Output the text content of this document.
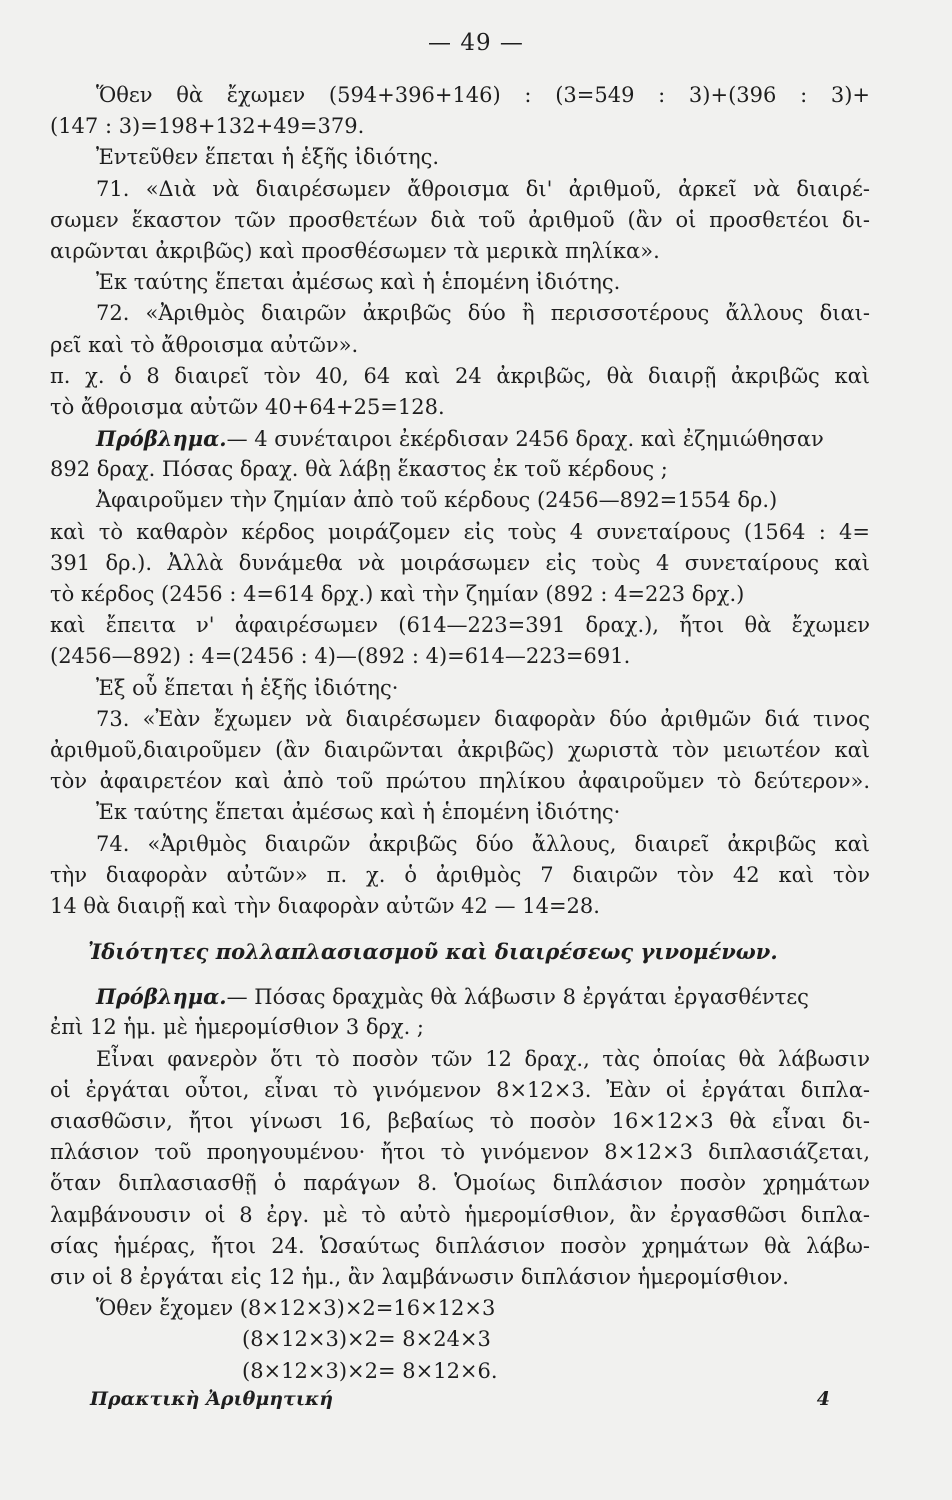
— 49 —
Ὅθεν θὰ ἔχωμεν (594+396+146) : (3=549 : 3)+(396 : 3)+
(147 : 3)=198+132+49=379.
Ἐντεῦθεν ἕπεται ἡ ἑξῆς ἰδιότης.
71. «Διὰ νὰ διαιρέσωμεν ἄθροισμα δι' ἀριθμοῦ, ἀρκεῖ νὰ διαιρέ-
σωμεν ἕκαστον τῶν προσθετέων διὰ τοῦ ἀριθμοῦ (ἂν οἱ προσθετέοι δι-
αιρῶνται ἀκριβῶς) καὶ προσθέσωμεν τὰ μερικὰ πηλίκα».
Ἐκ ταύτης ἕπεται ἀμέσως καὶ ἡ ἑπομένη ἰδιότης.
72. «Ἀριθμὸς διαιρῶν ἀκριβῶς δύο ἢ περισσοτέρους ἄλλους διαι-
ρεῖ καὶ τὸ ἄθροισμα αὐτῶν».
π. χ. ὁ 8 διαιρεῖ τὸν 40, 64 καὶ 24 ἀκριβῶς, θὰ διαιρῇ ἀκριβῶς καὶ
τὸ ἄθροισμα αὐτῶν 40+64+25=128.
Πρόβλημα.— 4 συνέταιροι ἐκέρδισαν 2456 δραχ. καὶ ἐζημιώθησαν
892 δραχ. Πόσας δραχ. θὰ λάβῃ ἕκαστος ἐκ τοῦ κέρδους ;
Ἀφαιροῦμεν τὴν ζημίαν ἀπὸ τοῦ κέρδους (2456—892=1554 δρ.)
καὶ τὸ καθαρὸν κέρδος μοιράζομεν εἰς τοὺς 4 συνεταίρους (1564 : 4=
391 δρ.). Ἀλλὰ δυνάμεθα νὰ μοιράσωμεν εἰς τοὺς 4 συνεταίρους καὶ
τὸ κέρδος (2456 : 4=614 δρχ.) καὶ τὴν ζημίαν (892 : 4=223 δρχ.)
καὶ ἔπειτα ν' ἀφαιρέσωμεν (614—223=391 δραχ.), ἤτοι θὰ ἔχωμεν
(2456—892) : 4=(2456 : 4)—(892 : 4)=614—223=691.
Ἐξ οὗ ἕπεται ἡ ἑξῆς ἰδιότης·
73. «Ἐὰν ἔχωμεν νὰ διαιρέσωμεν διαφορὰν δύο ἀριθμῶν διά τινος
ἀριθμοῦ,διαιροῦμεν (ἂν διαιρῶνται ἀκριβῶς) χωριστὰ τὸν μειωτέον καὶ
τὸν ἀφαιρετέον καὶ ἀπὸ τοῦ πρώτου πηλίκου ἀφαιροῦμεν τὸ δεύτερον».
Ἐκ ταύτης ἕπεται ἀμέσως καὶ ἡ ἑπομένη ἰδιότης·
74. «Ἀριθμὸς διαιρῶν ἀκριβῶς δύο ἄλλους, διαιρεῖ ἀκριβῶς καὶ
τὴν διαφορὰν αὐτῶν» π. χ. ὁ ἀριθμὸς 7 διαιρῶν τὸν 42 καὶ τὸν
14 θὰ διαιρῇ καὶ τὴν διαφορὰν αὐτῶν 42 — 14=28.
Ἰδιότητες πολλαπλασιασμοῦ καὶ διαιρέσεως γινομένων.
Πρόβλημα.— Πόσας δραχμὰς θὰ λάβωσιν 8 ἐργάται ἐργασθέντες
ἐπὶ 12 ἡμ. μὲ ἡμερομίσθιον 3 δρχ. ;
Εἶναι φανερὸν ὅτι τὸ ποσὸν τῶν 12 δραχ., τὰς ὁποίας θὰ λάβωσιν
οἱ ἐργάται οὗτοι, εἶναι τὸ γινόμενον 8×12×3. Ἐὰν οἱ ἐργάται διπλα-
σιασθῶσιν, ἤτοι γίνωσι 16, βεβαίως τὸ ποσὸν 16×12×3 θὰ εἶναι δι-
πλάσιον τοῦ προηγουμένου· ἤτοι τὸ γινόμενον 8×12×3 διπλασιάζεται,
ὅταν διπλασιασθῇ ὁ παράγων 8. Ὁμοίως διπλάσιον ποσὸν χρημάτων
λαμβάνουσιν οἱ 8 ἐργ. μὲ τὸ αὐτὸ ἡμερομίσθιον, ἂν ἐργασθῶσι διπλα-
σίας ἡμέρας, ἤτοι 24. Ὡσαύτως διπλάσιον ποσὸν χρημάτων θὰ λάβω-
σιν οἱ 8 ἐργάται εἰς 12 ἡμ., ἂν λαμβάνωσιν διπλάσιον ἡμερομίσθιον.
Ὅθεν ἔχομεν (8×12×3)×2=16×12×3
(8×12×3)×2= 8×24×3
(8×12×3)×2= 8×12×6.
Πρακτικὴ Ἀριθμητική	4
